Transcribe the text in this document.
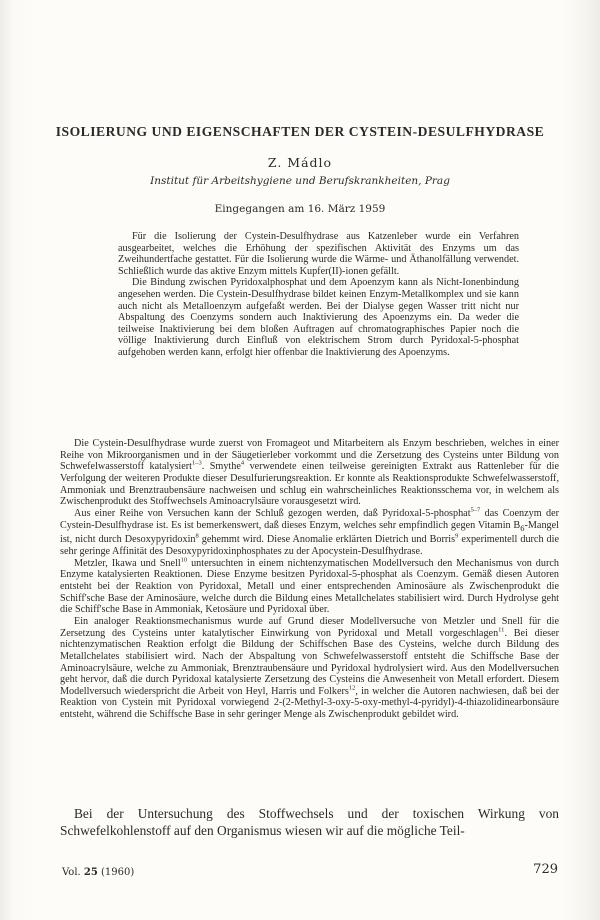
ISOLIERUNG UND EIGENSCHAFTEN DER CYSTEIN-DESULFHYDRASE

Z. Mádlo

Institut für Arbeitshygiene und Berufskrankheiten, Prag

Eingegangen am 16. März 1959

Für die Isolierung der Cystein-Desulfhydrase aus Katzenleber wurde ein Verfahren ausgearbeitet, welches die Erhöhung der spezifischen Aktivität des Enzyms um das Zweihundertfache gestattet. Für die Isolierung wurde die Wärme- und Äthanolfällung verwendet. Schließlich wurde das aktive Enzym mittels Kupfer(II)-ionen gefällt.

Die Bindung zwischen Pyridoxalphosphat und dem Apoenzym kann als Nicht-Ionenbindung angesehen werden. Die Cystein-Desulfhydrase bildet keinen Enzym-Metallkomplex und sie kann auch nicht als Metalloenzym aufgefaßt werden. Bei der Dialyse gegen Wasser tritt nicht nur Abspaltung des Coenzyms sondern auch Inaktivierung des Apoenzyms ein. Da weder die teilweise Inaktivierung bei dem bloßen Auftragen auf chromatographisches Papier noch die völlige Inaktivierung durch Einfluß von elektrischem Strom durch Pyridoxal-5-phosphat aufgehoben werden kann, erfolgt hier offenbar die Inaktivierung des Apoenzyms.

Die Cystein-Desulfhydrase wurde zuerst von Fromageot und Mitarbeitern als Enzym beschrieben, welches in einer Reihe von Mikroorganismen und in der Säugetierleber vorkommt und die Zersetzung des Cysteins unter Bildung von Schwefelwasserstoff katalysiert$^{1-3}$. Smythe$^4$ verwendete einen teilweise gereinigten Extrakt aus Rattenleber für die Verfolgung der weiteren Produkte dieser Desulfurierungsreaktion. Er konnte als Reaktionsprodukte Schwefelwasserstoff, Ammoniak und Brenztraubensäure nachweisen und schlug ein wahrscheinliches Reaktionsschema vor, in welchem als Zwischenprodukt des Stoffwechsels Aminoacrylsäure vorausgesetzt wird.

Aus einer Reihe von Versuchen kann der Schluß gezogen werden, daß Pyridoxal-5-phosphat$^{5-7}$ das Coenzym der Cystein-Desulfhydrase ist. Es ist bemerkenswert, daß dieses Enzym, welches sehr empfindlich gegen Vitamin $B_6$-Mangel ist, nicht durch Desoxypyridoxin$^8$ gehemmt wird. Diese Anomalie erklärten Dietrich und Borris$^9$ experimentell durch die sehr geringe Affinität des Desoxypyridoxinphosphates zu der Apocystein-Desulfhydrase.

Metzler, Ikawa und Snell$^{10}$ untersuchten in einem nichtenzymatischen Modellversuch den Mechanismus von durch Enzyme katalysierten Reaktionen. Diese Enzyme besitzen Pyridoxal-5-phosphat als Coenzym. Gemäß diesen Autoren entsteht bei der Reaktion von Pyridoxal, Metall und einer entsprechenden Aminosäure als Zwischenprodukt die Schiff'sche Base der Aminosäure, welche durch die Bildung eines Metallchelates stabilisiert wird. Durch Hydrolyse geht die Schiff'sche Base in Ammoniak, Ketosäure und Pyridoxal über.

Ein analoger Reaktionsmechanismus wurde auf Grund dieser Modellversuche von Metzler und Snell für die Zersetzung des Cysteins unter katalytischer Einwirkung von Pyridoxal und Metall vorgeschlagen$^{11}$. Bei dieser nichtenzymatischen Reaktion erfolgt die Bildung der Schiffschen Base des Cysteins, welche durch Bildung des Metallchelates stabilisiert wird. Nach der Abspaltung von Schwefelwasserstoff entsteht die Schiffsche Base der Aminoacrylsäure, welche zu Ammoniak, Brenztraubensäure und Pyridoxal hydrolysiert wird. Aus den Modellversuchen geht hervor, daß die durch Pyridoxal katalysierte Zersetzung des Cysteins die Anwesenheit von Metall erfordert. Diesem Modellversuch wiederspricht die Arbeit von Heyl, Harris und Folkers$^{12}$, in welcher die Autoren nachwiesen, daß bei der Reaktion von Cystein mit Pyridoxal vorwiegend 2-(2-Methyl-3-oxy-5-oxy-methyl-4-pyridyl)-4-thiazolidinearbonsäure entsteht, während die Schiffsche Base in sehr geringer Menge als Zwischenprodukt gebildet wird.

Bei der Untersuchung des Stoffwechsels und der toxischen Wirkung von Schwefelkohlenstoff auf den Organismus wiesen wir auf die mögliche Teil-

Vol. 25 (1960)	729
